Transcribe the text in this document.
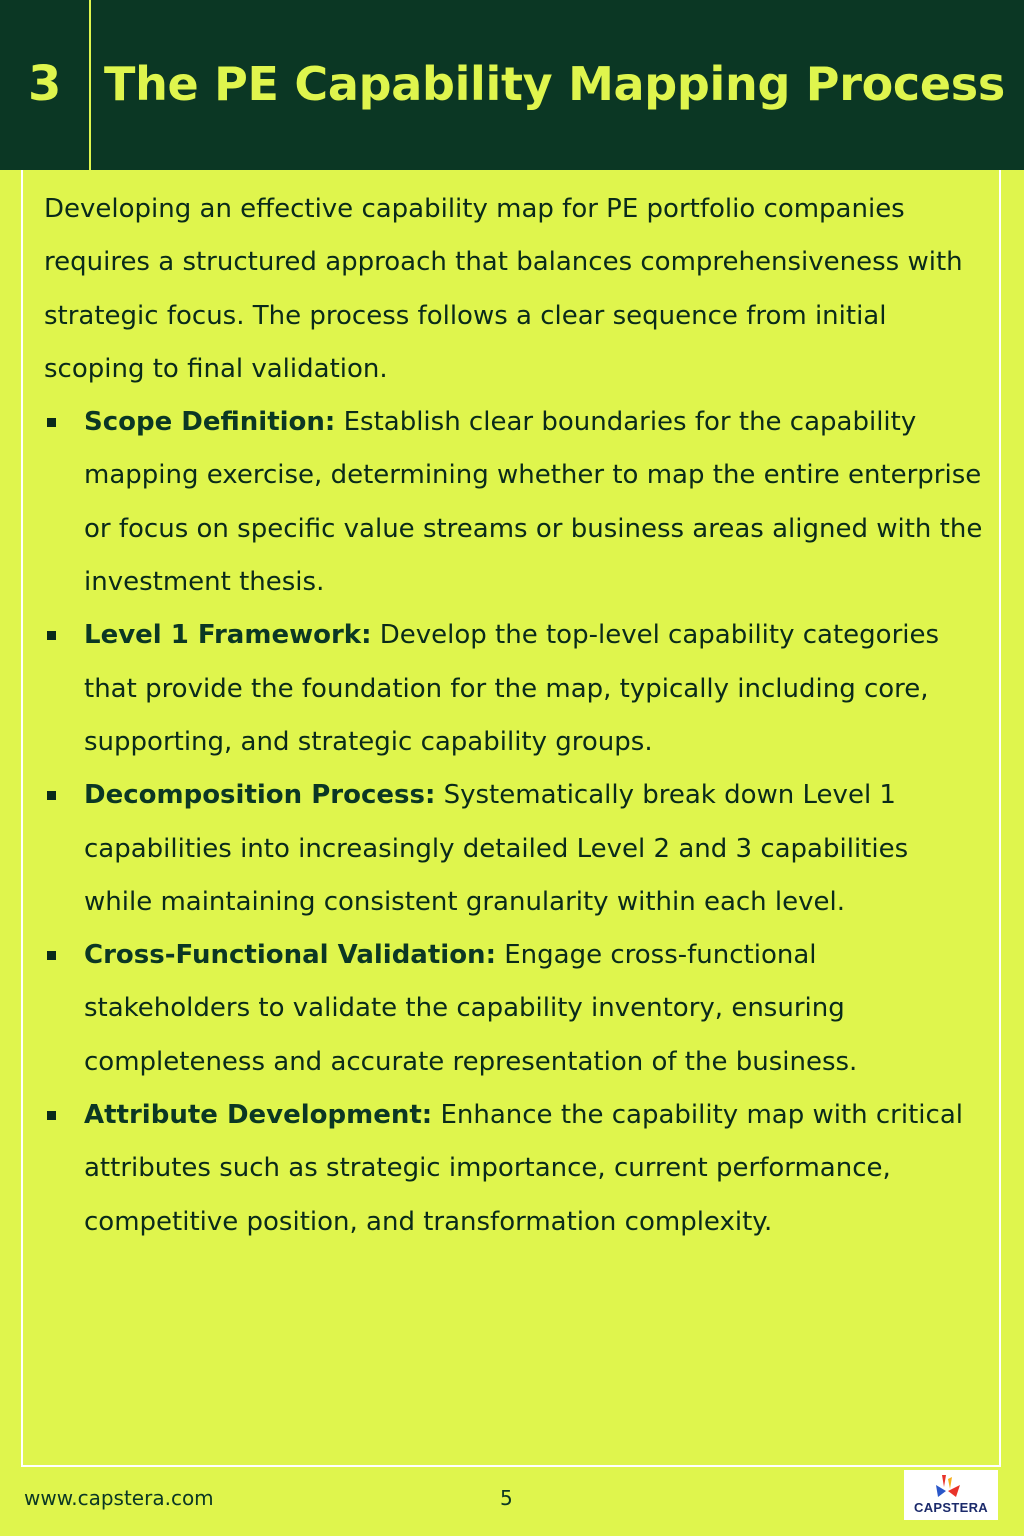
3 The PE Capability Mapping Process

Developing an effective capability map for PE portfolio companies requires a structured approach that balances comprehensiveness with strategic focus. The process follows a clear sequence from initial scoping to final validation.

Scope Definition: Establish clear boundaries for the capability mapping exercise, determining whether to map the entire enterprise or focus on specific value streams or business areas aligned with the investment thesis.
Level 1 Framework: Develop the top-level capability categories that provide the foundation for the map, typically including core, supporting, and strategic capability groups.
Decomposition Process: Systematically break down Level 1 capabilities into increasingly detailed Level 2 and 3 capabilities while maintaining consistent granularity within each level.
Cross-Functional Validation: Engage cross-functional stakeholders to validate the capability inventory, ensuring completeness and accurate representation of the business.
Attribute Development: Enhance the capability map with critical attributes such as strategic importance, current performance, competitive position, and transformation complexity.
www.capstera.com	5	CAPSTERA
